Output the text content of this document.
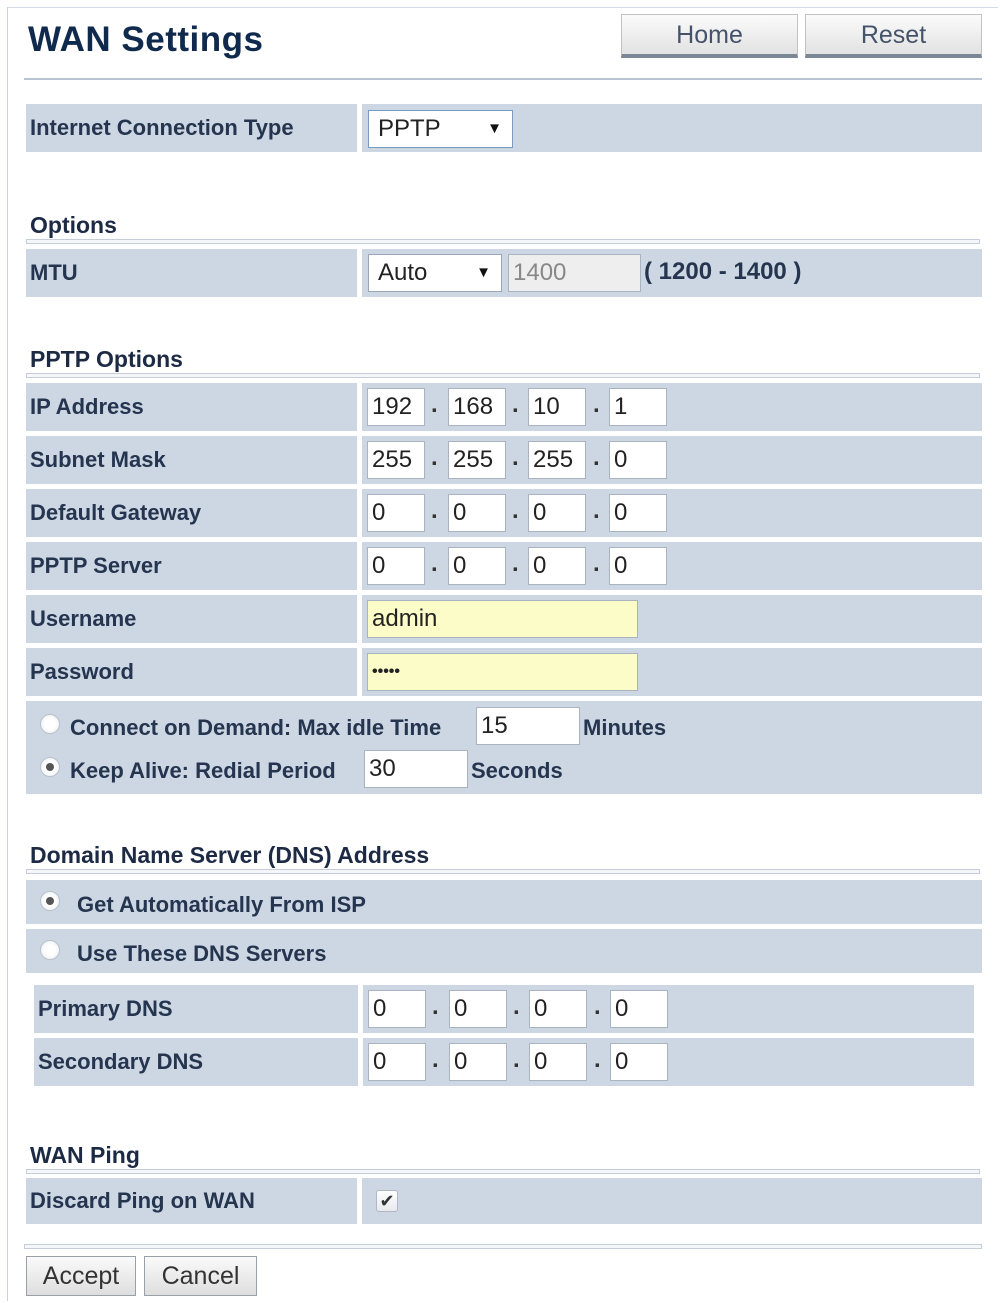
WAN Settings	Home	Reset
Internet Connection Type	PPTP	▼
Options
MTU	Auto	▼ 1400	( 1200 - 1400 )
PPTP Options
IP Address	192 . 168 . 10	. 1
Subnet Mask	255 . 255 . 255 . 0
Default Gateway	0	. 0	. 0	. 0
PPTP Server	0	. 0	. 0	. 0
Username	admin
Password	•••••
Connect on Demand: Max idle Time 15	Minutes
Keep Alive: Redial Period 30	Seconds
Domain Name Server (DNS) Address
Get Automatically From ISP
Use These DNS Servers
Primary DNS	0	. 0	. 0	. 0
Secondary DNS	0	. 0	. 0	. 0
WAN Ping
Discard Ping on WAN	✔
Accept	Cancel
